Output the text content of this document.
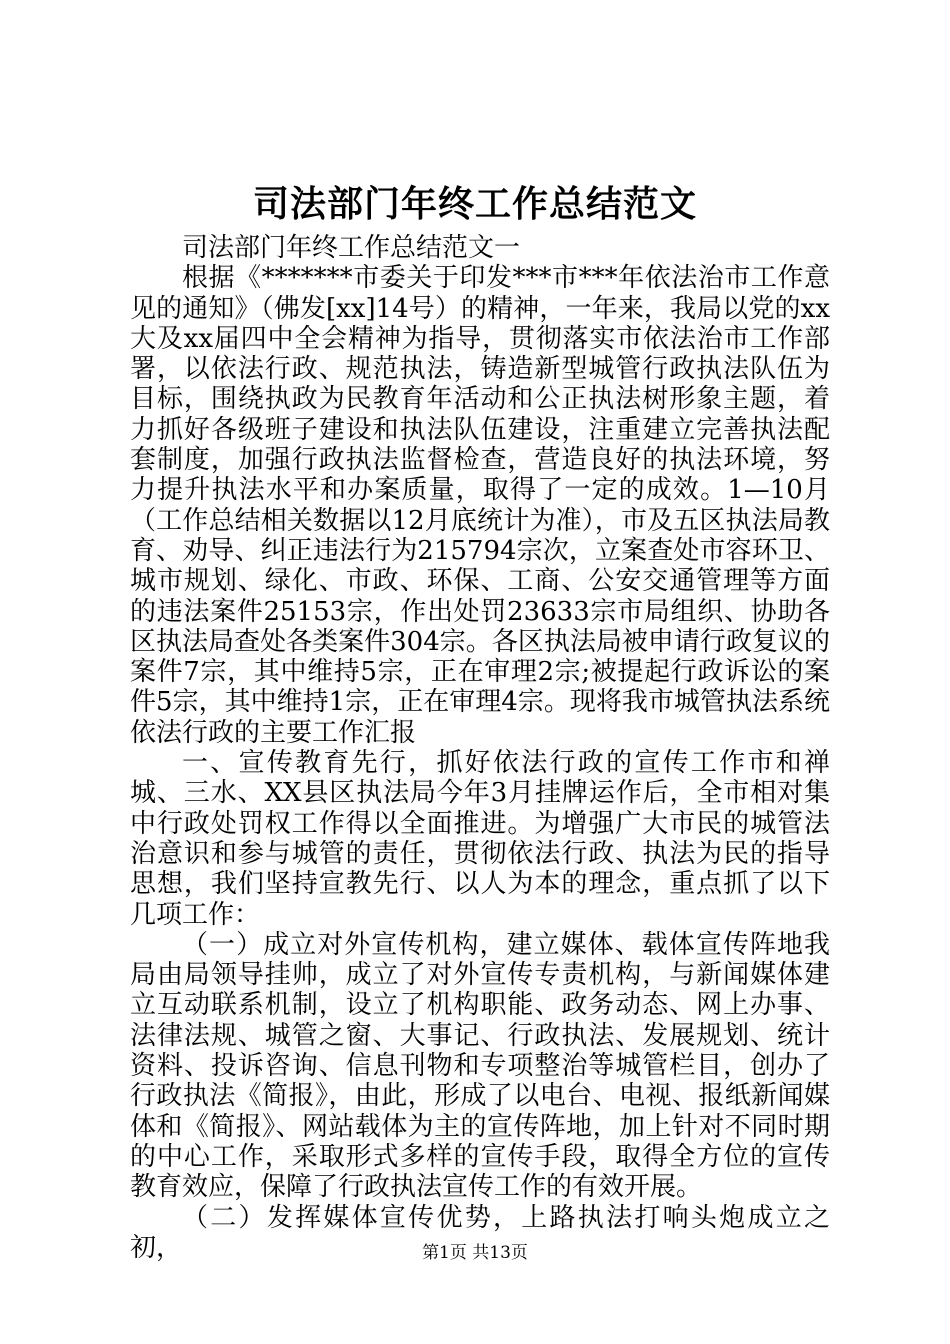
司法部门年终工作总结范文

司法部门年终工作总结范文一

根据《*******市委关于印发***市***年依法治市工作意见的通知》（佛发[xx]14号）的精神，一年来，我局以党的xx大及xx届四中全会精神为指导，贯彻落实市依法治市工作部署，以依法行政、规范执法，铸造新型城管行政执法队伍为目标，围绕执政为民教育年活动和公正执法树形象主题，着力抓好各级班子建设和执法队伍建设，注重建立完善执法配套制度，加强行政执法监督检查，营造良好的执法环境，努力提升执法水平和办案质量，取得了一定的成效。1—10月（工作总结相关数据以12月底统计为准），市及五区执法局教育、劝导、纠正违法行为215794宗次，立案查处市容环卫、城市规划、绿化、市政、环保、工商、公安交通管理等方面的违法案件25153宗，作出处罚23633宗市局组织、协助各区执法局查处各类案件304宗。各区执法局被申请行政复议的案件7宗，其中维持5宗，正在审理2宗;被提起行政诉讼的案件5宗，其中维持1宗，正在审理4宗。现将我市城管执法系统依法行政的主要工作汇报

一、宣传教育先行，抓好依法行政的宣传工作市和禅城、三水、XX县区执法局今年3月挂牌运作后，全市相对集中行政处罚权工作得以全面推进。为增强广大市民的城管法治意识和参与城管的责任，贯彻依法行政、执法为民的指导思想，我们坚持宣教先行、以人为本的理念，重点抓了以下几项工作：

（一）成立对外宣传机构，建立媒体、载体宣传阵地我局由局领导挂帅，成立了对外宣传专责机构，与新闻媒体建立互动联系机制，设立了机构职能、政务动态、网上办事、法律法规、城管之窗、大事记、行政执法、发展规划、统计资料、投诉咨询、信息刊物和专项整治等城管栏目，创办了行政执法《简报》，由此，形成了以电台、电视、报纸新闻媒体和《简报》、网站载体为主的宣传阵地，加上针对不同时期的中心工作，采取形式多样的宣传手段，取得全方位的宣传教育效应，保障了行政执法宣传工作的有效开展。

（二）发挥媒体宣传优势，上路执法打响头炮成立之初，	第1页 共13页
